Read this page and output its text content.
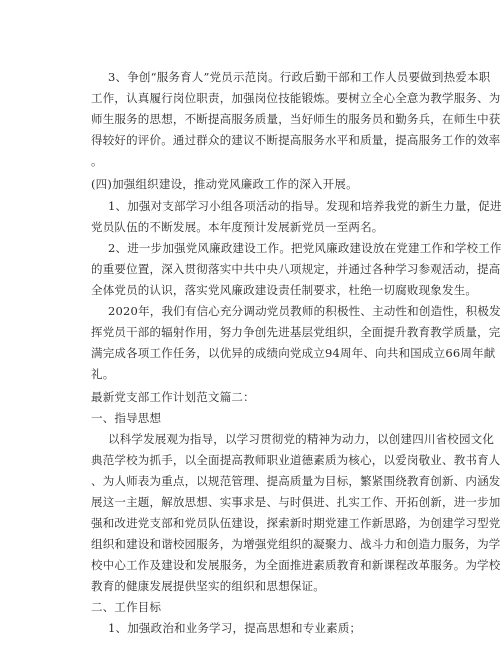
3、争创“服务育人”党员示范岗。行政后勤干部和工作人员要做到热爱本职
工作，认真履行岗位职责，加强岗位技能锻炼。要树立全心全意为教学服务、为
师生服务的思想，不断提高服务质量，当好师生的服务员和勤务兵，在师生中获
得较好的评价。通过群众的建议不断提高服务水平和质量，提高服务工作的效率
。
(四)加强组织建设，推动党风廉政工作的深入开展。
1、加强对支部学习小组各项活动的指导。发现和培养我党的新生力量，促进
党员队伍的不断发展。本年度预计发展新党员一至两名。
2、进一步加强党风廉政建设工作。把党风廉政建设放在党建工作和学校工作
的重要位置，深入贯彻落实中共中央八项规定，并通过各种学习参观活动，提高
全体党员的认识，落实党风廉政建设责任制要求，杜绝一切腐败现象发生。
2020年，我们有信心充分调动党员教师的积极性、主动性和创造性，积极发
挥党员干部的辐射作用，努力争创先进基层党组织，全面提升教育教学质量，完
满完成各项工作任务，以优异的成绩向党成立94周年、向共和国成立66周年献
礼。
最新党支部工作计划范文篇二：
一、指导思想
以科学发展观为指导，以学习贯彻党的精神为动力，以创建四川省校园文化
典范学校为抓手，以全面提高教师职业道德素质为核心，以爱岗敬业、教书育人
、为人师表为重点，以规范管理、提高质量为目标，繁紧围绕教育创新、内涵发
展这一主题，解放思想、实事求是、与时俱进、扎实工作、开拓创新，进一步加
强和改进党支部和党员队伍建设，探索新时期党建工作新思路，为创建学习型党
组织和建设和谐校园服务，为增强党组织的凝聚力、战斗力和创造力服务，为学
校中心工作及建设和发展服务，为全面推进素质教育和新课程改革服务。为学校
教育的健康发展提供坚实的组织和思想保证。
二、工作目标
1、加强政治和业务学习，提高思想和专业素质；
